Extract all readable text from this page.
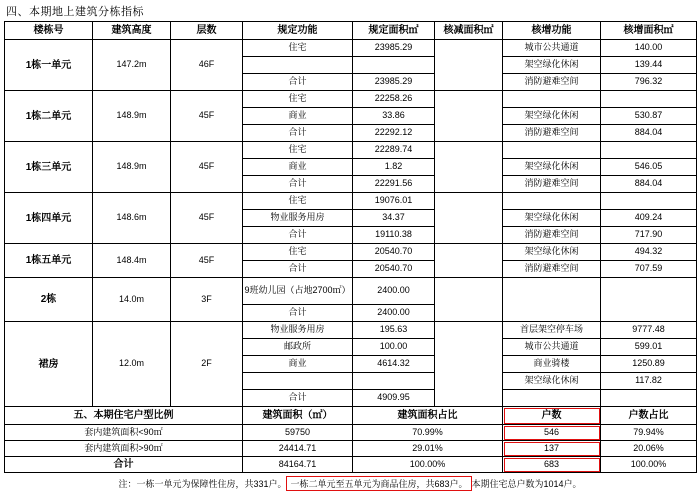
四、本期地上建筑分栋指标
楼栋号	建筑高度	层数	规定功能	规定面积㎡	核减面积㎡	核增功能	核增面积㎡
1栋一单元	147.2m	46F	住宅	23985.29		城市公共通道	140.00
						架空绿化休闲	139.44
			合计	23985.29		消防避难空间	796.32
1栋二单元	148.9m	45F	住宅	22258.26			
			商业	33.86		架空绿化休闲	530.87
			合计	22292.12		消防避难空间	884.04
1栋三单元	148.9m	45F	住宅	22289.74			
			商业	1.82		架空绿化休闲	546.05
			合计	22291.56		消防避难空间	884.04
1栋四单元	148.6m	45F	住宅	19076.01			
			物业服务用房	34.37		架空绿化休闲	409.24
			合计	19110.38		消防避难空间	717.90
1栋五单元	148.4m	45F	住宅	20540.70		架空绿化休闲	494.32
			合计	20540.70		消防避难空间	707.59
2栋	14.0m	3F	9班幼儿园（占地2700㎡）	2400.00			
			合计	2400.00			
裙房	12.0m	2F	物业服务用房	195.63		首层架空停车场	9777.48
			邮政所	100.00		城市公共通道	599.01
			商业	4614.32		商业骑楼	1250.89
						架空绿化休闲	117.82
			合计	4909.95			
五、本期住宅户型比例			建筑面积（㎡）	建筑面积占比		户数	户数占比
套内建筑面积<90㎡			59750	70.99%		546	79.94%
套内建筑面积>90㎡			24414.71	29.01%		137	20.06%
合计			84164.71	100.00%		683	100.00%
注：一栋一单元为保障性住房，共331户。 一栋二单元至五单元为商品住房，共683户。 本期住宅总户数为1014户。
